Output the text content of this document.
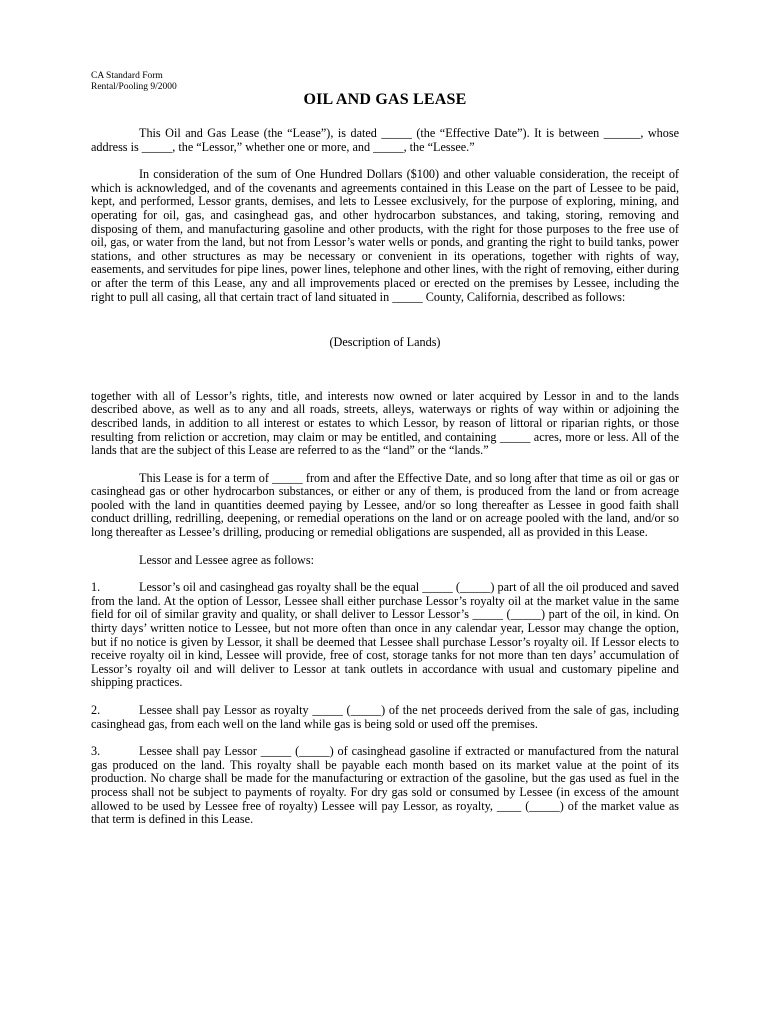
CA Standard Form
Rental/Pooling 9/2000
OIL AND GAS LEASE

This Oil and Gas Lease (the “Lease”), is dated _____ (the “Effective Date”). It is between ______, whose address is _____, the “Lessor,” whether one or more, and _____, the “Lessee.”

In consideration of the sum of One Hundred Dollars ($100) and other valuable consideration, the receipt of which is acknowledged, and of the covenants and agreements contained in this Lease on the part of Lessee to be paid, kept, and performed, Lessor grants, demises, and lets to Lessee exclusively, for the purpose of exploring, mining, and operating for oil, gas, and casinghead gas, and other hydrocarbon substances, and taking, storing, removing and disposing of them, and manufacturing gasoline and other products, with the right for those purposes to the free use of oil, gas, or water from the land, but not from Lessor’s water wells or ponds, and granting the right to build tanks, power stations, and other structures as may be necessary or convenient in its operations, together with rights of way, easements, and servitudes for pipe lines, power lines, telephone and other lines, with the right of removing, either during or after the term of this Lease, any and all improvements placed or erected on the premises by Lessee, including the right to pull all casing, all that certain tract of land situated in _____ County, California, described as follows:

(Description of Lands)

together with all of Lessor’s rights, title, and interests now owned or later acquired by Lessor in and to the lands described above, as well as to any and all roads, streets, alleys, waterways or rights of way within or adjoining the described lands, in addition to all interest or estates to which Lessor, by reason of littoral or riparian rights, or those resulting from reliction or accretion, may claim or may be entitled, and containing _____ acres, more or less. All of the lands that are the subject of this Lease are referred to as the “land” or the “lands.”

This Lease is for a term of _____ from and after the Effective Date, and so long after that time as oil or gas or casinghead gas or other hydrocarbon substances, or either or any of them, is produced from the land or from acreage pooled with the land in quantities deemed paying by Lessee, and/or so long thereafter as Lessee in good faith shall conduct drilling, redrilling, deepening, or remedial operations on the land or on acreage pooled with the land, and/or so long thereafter as Lessee’s drilling, producing or remedial obligations are suspended, all as provided in this Lease.

Lessor and Lessee agree as follows:

1.	Lessor’s oil and casinghead gas royalty shall be the equal _____ (_____) part of all the oil produced and saved from the land. At the option of Lessor, Lessee shall either purchase Lessor’s royalty oil at the market value in the same field for oil of similar gravity and quality, or shall deliver to Lessor Lessor’s _____ (_____) part of the oil, in kind. On thirty days’ written notice to Lessee, but not more often than once in any calendar year, Lessor may change the option, but if no notice is given by Lessor, it shall be deemed that Lessee shall purchase Lessor’s royalty oil. If Lessor elects to receive royalty oil in kind, Lessee will provide, free of cost, storage tanks for not more than ten days’ accumulation of Lessor’s royalty oil and will deliver to Lessor at tank outlets in accordance with usual and customary pipeline and shipping practices.

2.	Lessee shall pay Lessor as royalty _____ (_____) of the net proceeds derived from the sale of gas, including casinghead gas, from each well on the land while gas is being sold or used off the premises.

3.	Lessee shall pay Lessor _____ (_____) of casinghead gasoline if extracted or manufactured from the natural gas produced on the land. This royalty shall be payable each month based on its market value at the point of its production. No charge shall be made for the manufacturing or extraction of the gasoline, but the gas used as fuel in the process shall not be subject to payments of royalty. For dry gas sold or consumed by Lessee (in excess of the amount allowed to be used by Lessee free of royalty) Lessee will pay Lessor, as royalty, ____ (_____) of the market value as that term is defined in this Lease.
